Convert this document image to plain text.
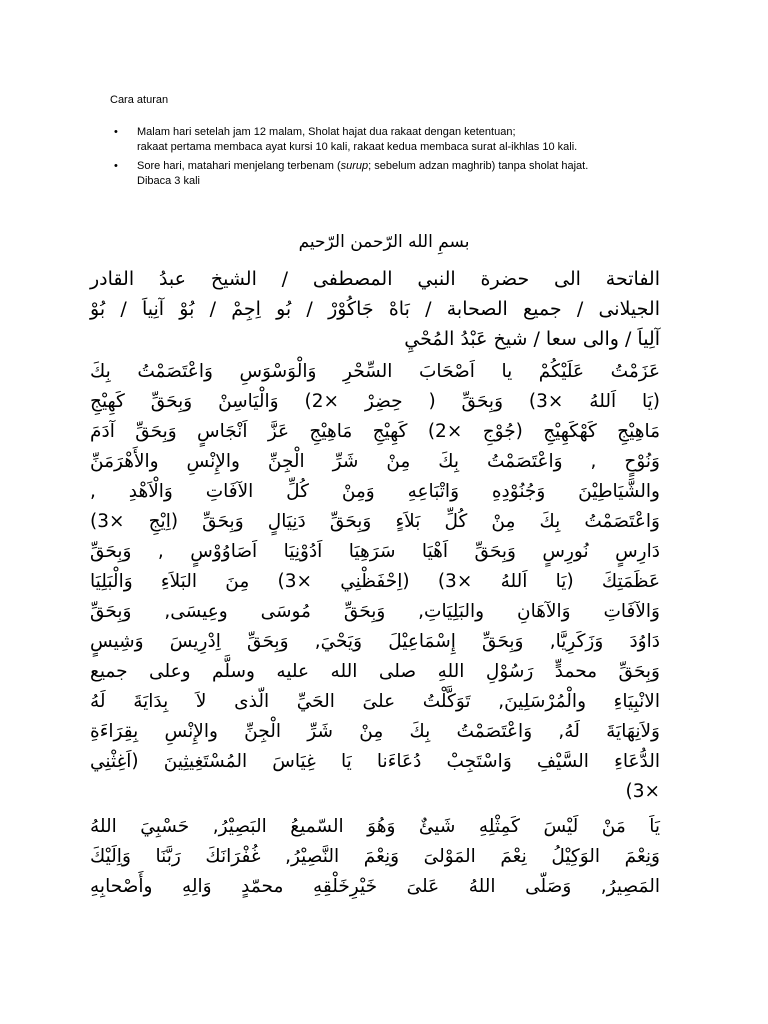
Cara aturan

• Malam hari setelah jam 12 malam, Sholat hajat dua rakaat dengan ketentuan;
rakaat pertama membaca ayat kursi 10 kali, rakaat kedua membaca surat al-ikhlas 10 kali.
• Sore hari, matahari menjelang terbenam (surup; sebelum adzan maghrib) tanpa sholat hajat.
Dibaca 3 kali

بسمِ الله الرّحمن الرّحيم

الفاتحة الى حضرة النبي المصطفى / الشيخ عبدُ القادر
الجيلانى / جميع الصحابة / بَاهْ جَاكُوْرْ / بُو اِجِمْ / بُوْ آنِياَ / بُوْ
آلِياَ / والى سعا / شيخ عَبْدُ المُحْيِ
عَزَمْتُ عَلَيْكُمْ يا اَصْحَابَ السِّحْرِ وَالْوَسْوَسِ وَاعْتَصَمْتُ بِكَ
(يَا اَللهُ ×3) وَبِحَقِّ ( حِضِرْ ×2) وَالْيَاسِنْ وَبِحَقِّ كَهِيْجِ
مَاهِيْجِ كَهْكَهِيْجِ (جُوْجِ ×2) كَهِيْجِ مَاهِيْجِ عَزَّ اَنْجَاسٍ وَبِحَقِّ آدَمَ
وَنُوْحٍ , وَاعْتَصَمْتُ بِكَ مِنْ شَرِّ الْجِنِّ والإِنْسِ والأَهْرَمَنِّ
والشَّيَاطِيْنَ وَجُنُوْدِهِ وَاتْبَاعِهِ وَمِنْ كُلِّ الآفَاتِ وَالْاَهْدِ ,
وَاعْتَصَمْتُ بِكَ مِنْ كُلِّ بَلاَءٍ وَبِحَقِّ دَنِيَالٍ وَبِحَقِّ (اِيْجِ ×3)
دَارِسٍ نُورِسٍ وَبِحَقِّ اَهْيَا سَرَهِيَا اَدُوْنِيَا اَصَاوُوْسٍ , وَبِحَقِّ
عَظَمَتِكَ (يَا اَللهُ ×3) (اِحْفَظْنِي ×3) مِنَ البَلاَءِ وَالْبَلِيَا
وَالآفَاتِ وَالآهَانِ والبَلِيَاتِ, وَبِحَقِّ مُوسَى وعِيسَى, وَبِحَقِّ
دَاوُدَ وَزَكَرِيَّا, وَبِحَقِّ إِسْمَاعِيْلَ وَيَحْيَ, وَبِحَقِّ اِدْرِيسَ وَشِيسٍ
وَبِحَقِّ محمدٍّ رَسُوْلِ اللهِ صلى الله عليه وسلَّم وعلى جميع
الانْبِيَاءِ والْمُرْسَلِينَ, تَوَكَّلْتُ علىَ الحَيِّ الّذى لاَ بِدَايَةَ لَهُ
وَلاَنِهَايَةَ لَهُ, وَاعْتَصَمْتُ بِكَ مِنْ شَرِّ الْجِنِّ والإِنْسِ بِقِرَاءَةِ
الدُّعَاءِ السَّيْفِ وَاسْتَجِبْ دُعَاءَنا يَا غِيَاسَ المُسْتَغِيثِينَ (اَغِثْنِي
×3)
يَاَ مَنْ لَيْسَ كَمِثْلِهِ شَيئٌ وَهُوَ السّميعُ البَصِيْرُ, حَسْبِيَ اللهُ
وَنِعْمَ الوَكِيْلُ نِعْمَ المَوْلىَ وَنِعْمَ النَّصِيْرُ, غُفْرَانَكَ رَبَّنَا وَاِلَيْكَ
المَصِيرُ, وَصَلّى اللهُ عَلىَ خَيْرِخَلْقِهِ محمّدٍ وَالِهِ وأَصْحابِهِ
